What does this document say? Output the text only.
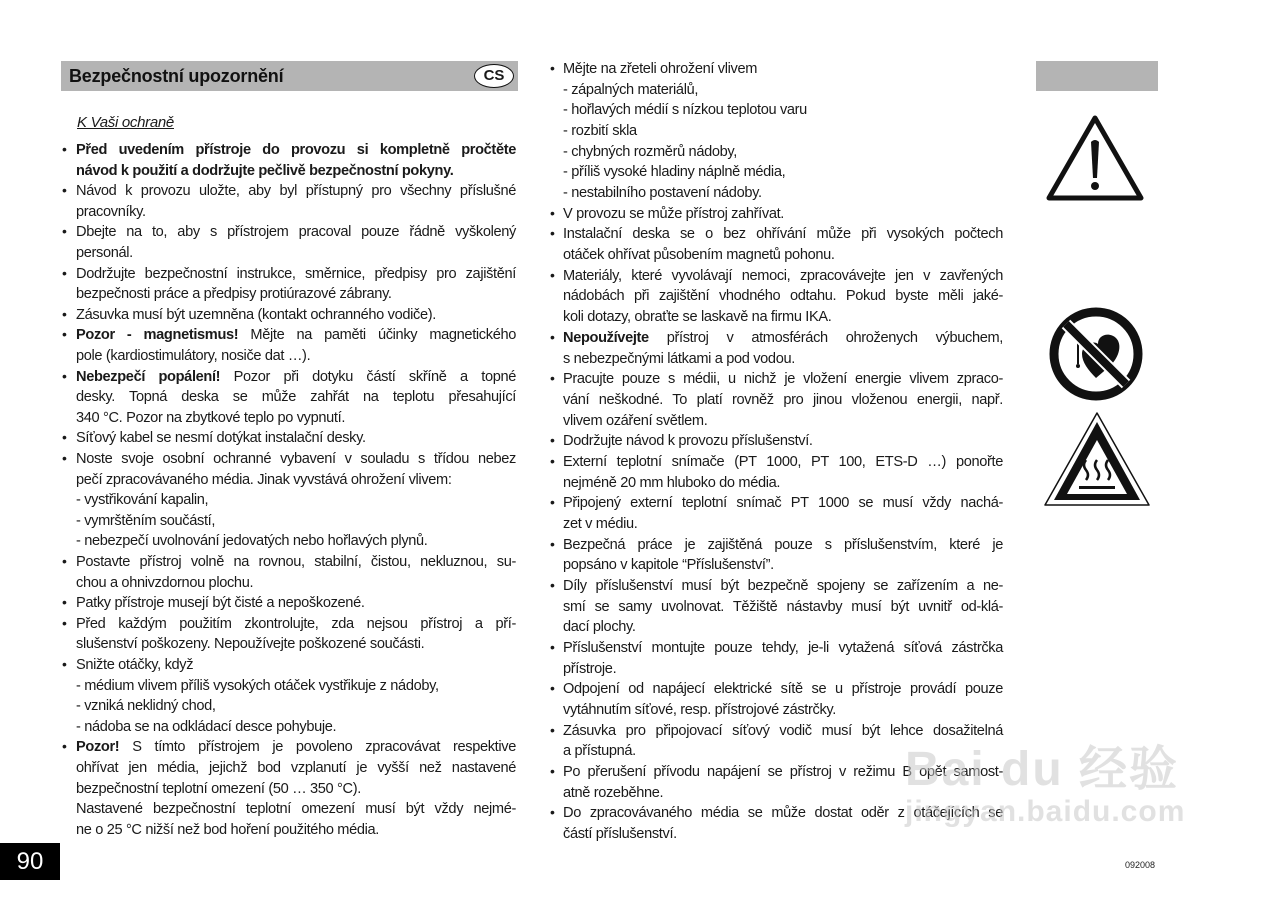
Bezpečnostní upozornění	CS
K Vaši ochraně
Před uvedením přístroje do provozu si kompletně pročtěte
•
návod k použití a dodržujte pečlivě bezpečnostní pokyny.
Návod k provozu uložte, aby byl přístupný pro všechny příslušné
•
pracovníky.
Dbejte na to, aby s přístrojem pracoval pouze řádně vyškolený
•
personál.
Dodržujte bezpečnostní instrukce, směrnice, předpisy pro zajištění
•
bezpečnosti práce a předpisy protiúrazové zábrany.
Zásuvka musí být uzemněna (kontakt ochranného vodiče).
•
Pozor - magnetismus! Mějte na paměti účinky magnetického
•
pole (kardiostimulátory, nosiče dat …).
Nebezpečí popálení! Pozor při dotyku částí skříně a topné
•
desky. Topná deska se může zahřát na teplotu přesahující
340 °C. Pozor na zbytkové teplo po vypnutí.
Síťový kabel se nesmí dotýkat instalační desky.
•
Noste svoje osobní ochranné vybavení v souladu s třídou nebez
•
pečí zpracovávaného média. Jinak vyvstává ohrožení vlivem:
- vystřikování kapalin,
- vymrštěním součástí,
- nebezpečí uvolnování jedovatých nebo hořlavých plynů.
Postavte přístroj volně na rovnou, stabilní, čistou, nekluznou, su-
•
chou a ohnivzdornou plochu.
Patky přístroje musejí být čisté a nepoškozené.
•
Před každým použitím zkontrolujte, zda nejsou přístroj a pří-
•
slušenství poškozeny. Nepoužívejte poškozené součásti.
Snižte otáčky, když
•
- médium vlivem příliš vysokých otáček vystřikuje z nádoby,
- vzniká neklidný chod,
- nádoba se na odkládací desce pohybuje.
Pozor! S tímto přístrojem je povoleno zpracovávat respektive
•
ohřívat jen média, jejichž bod vzplanutí je vyšší než nastavené
bezpečnostní teplotní omezení (50 … 350 °C).
Nastavené bezpečnostní teplotní omezení musí být vždy nejmé-
ne o 25 °C nižší než bod hoření použitého média.
Mějte na zřeteli ohrožení vlivem
•
- zápalných materiálů,
- hořlavých médií s nízkou teplotou varu
- rozbití skla
- chybných rozměrů nádoby,
- příliš vysoké hladiny náplně média,
- nestabilního postavení nádoby.
V provozu se může přístroj zahřívat.
•
Instalační deska se o bez ohřívání může při vysokých počtech
•
otáček ohřívat působením magnetů pohonu.
Materiály, které vyvolávají nemoci, zpracovávejte jen v zavřených
•
nádobách při zajištění vhodného odtahu. Pokud byste měli jaké-
koli dotazy, obraťte se laskavě na firmu IKA.
Nepoužívejte přístroj v atmosférách ohroženych výbuchem,
•
s nebezpečnými látkami a pod vodou.
Pracujte pouze s médii, u nichž je vložení energie vlivem zpraco-
•
vání neškodné. To platí rovněž pro jinou vloženou energii, např.
vlivem ozáření světlem.
Dodržujte návod k provozu příslušenství.
•
Externí teplotní snímače (PT 1000, PT 100, ETS-D …) ponořte
•
nejméně 20 mm hluboko do média.
Připojený externí teplotní snímač PT 1000 se musí vždy nachá-
•
zet v médiu.
Bezpečná práce je zajištěná pouze s příslušenstvím, které je
•
popsáno v kapitole “Příslušenství”.
Díly příslušenství musí být bezpečně spojeny se zařízením a ne-
•
smí se samy uvolnovat. Těžiště nástavby musí být uvnitř od-klá-
dací plochy.
Příslušenství montujte pouze tehdy, je-li vytažená síťová zástrčka
•
přístroje.
Odpojení od napájecí elektrické sítě se u přístroje provádí pouze
•
vytáhnutím síťové, resp. přístrojové zástrčky.
Zásuvka pro připojovací síťový vodič musí být lehce dosažitelná
•
a přístupná.
Po přerušení přívodu napájení se přístroj v režimu B opět samost-
•
atně rozeběhne.
Do zpracovávaného média se může dostat oděr z otáčejících se
•
částí příslušenství.
Bai du 经验
jingyan.baidu.com
90	092008
